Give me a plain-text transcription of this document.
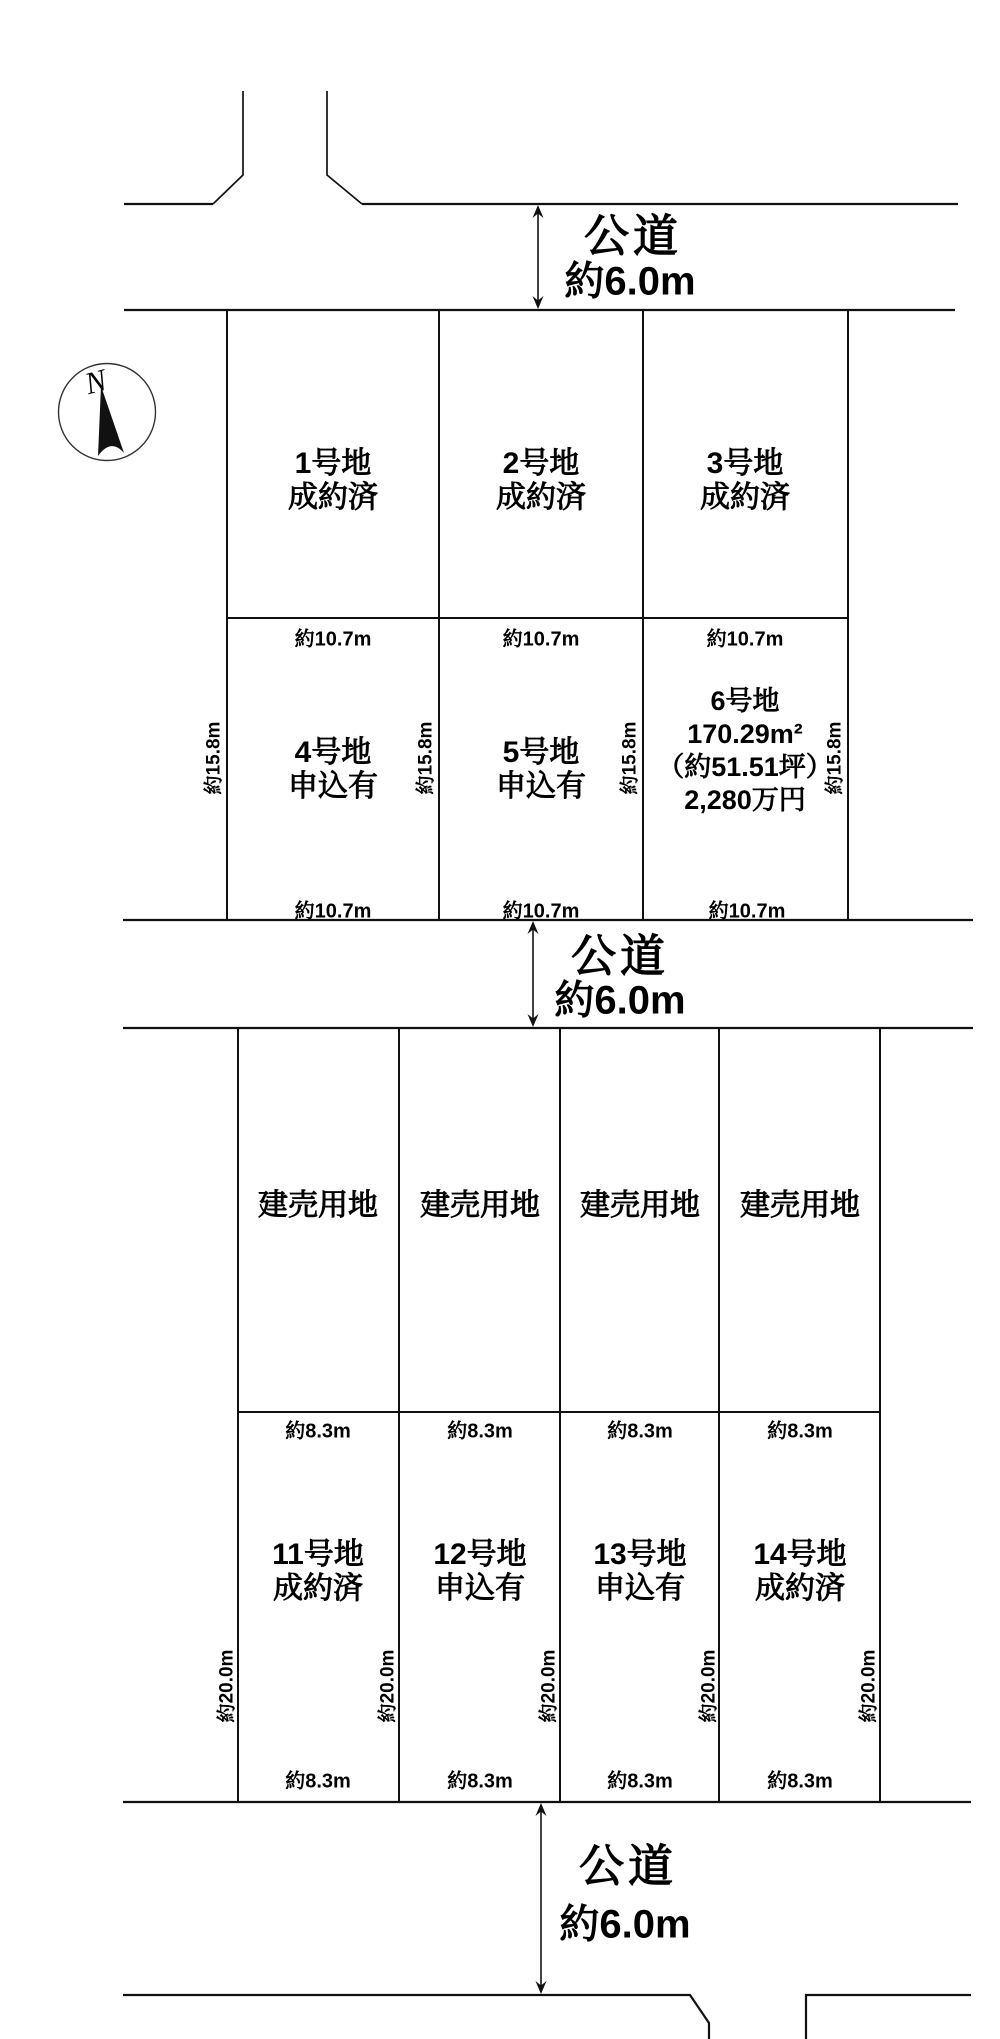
N
公道
約6.0m
公道
約6.0m
公道
約6.0m
1号地
成約済
2号地
成約済
3号地
成約済
約10.7m	約10.7m	約10.7m
4号地
申込有
5号地
申込有
6号地
170.29m²
（約51.51坪）
2,280万円
約10.7m	約10.7m	約10.7m
約15.8m	約15.8m	約15.8m	約15.8m
建売用地 建売用地 建売用地 建売用地
約8.3m	約8.3m	約8.3m	約8.3m
11号地
成約済
12号地
申込有
13号地
申込有
14号地
成約済
約20.0m	約20.0m	約20.0m	約20.0m	約20.0m
約8.3m	約8.3m	約8.3m	約8.3m
